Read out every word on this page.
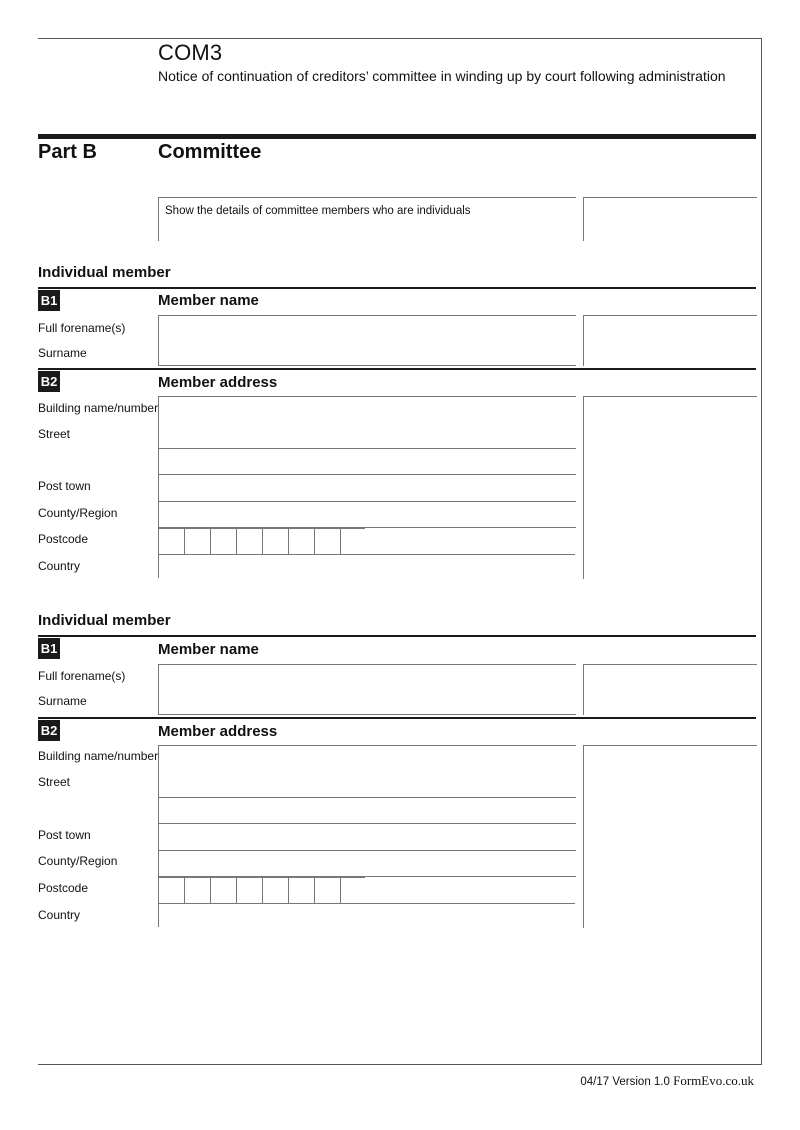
COM3
Notice of continuation of creditors’ committee in winding up by court following administration
Part B	Committee
Show the details of committee members who are individuals
Individual member
B1	Member name
Full forename(s)
Surname
B2	Member address
Building name/number
Street
Post town
County/Region
Postcode
Country
Individual member
B1	Member name
Full forename(s)
Surname
B2	Member address
Building name/number
Street
Post town
County/Region
Postcode
Country
04/17 Version 1.0 FormEvo.co.uk
